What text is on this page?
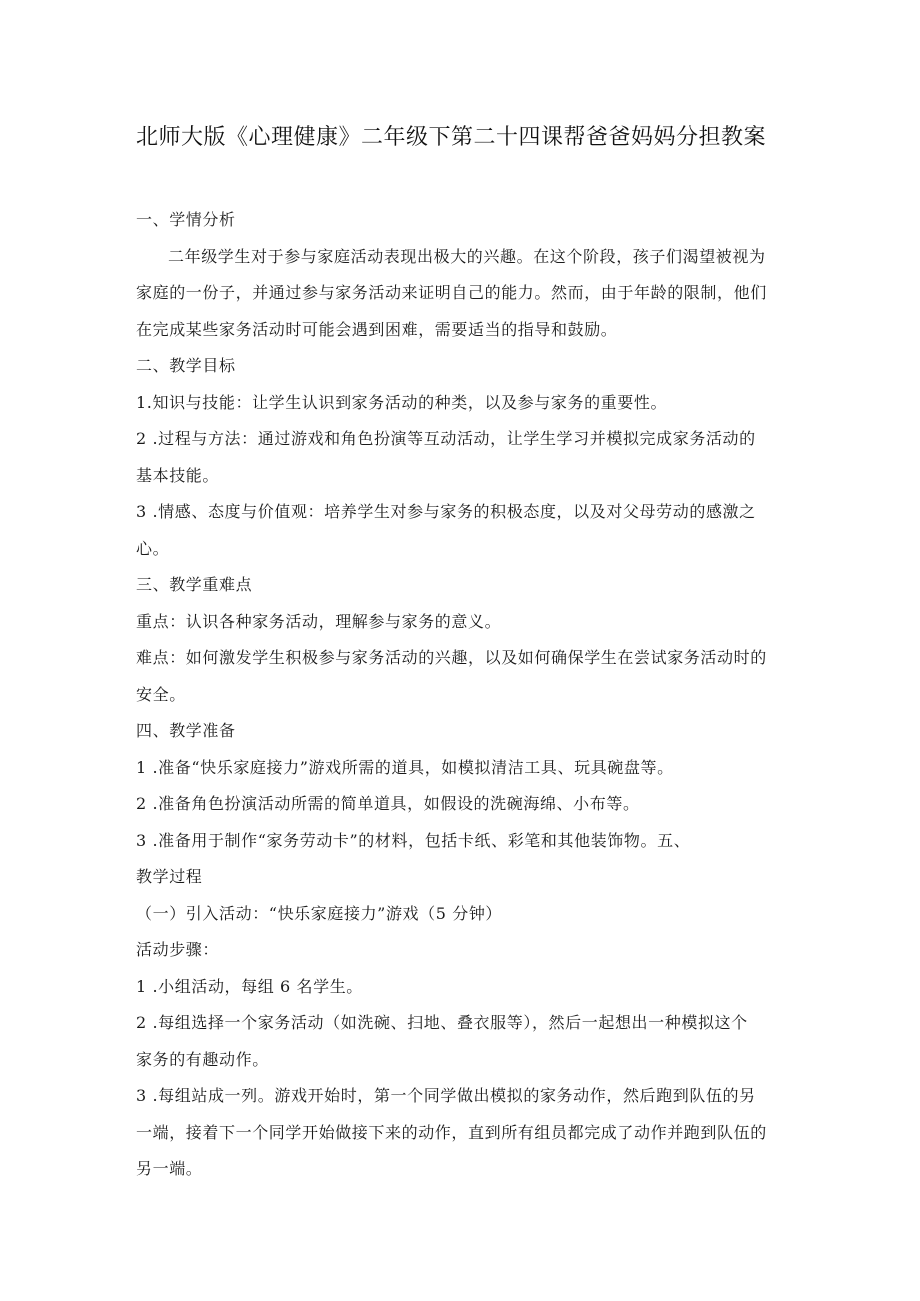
北师大版《心理健康》二年级下第二十四课帮爸爸妈妈分担教案
一、学情分析
二年级学生对于参与家庭活动表现出极大的兴趣。在这个阶段，孩子们渴望被视为
家庭的一份子，并通过参与家务活动来证明自己的能力。然而，由于年龄的限制，他们
在完成某些家务活动时可能会遇到困难，需要适当的指导和鼓励。
二、教学目标
1.知识与技能：让学生认识到家务活动的种类，以及参与家务的重要性。
2 .过程与方法：通过游戏和角色扮演等互动活动，让学生学习并模拟完成家务活动的
基本技能。
3 .情感、态度与价值观：培养学生对参与家务的积极态度，以及对父母劳动的感激之
心。
三、教学重难点
重点：认识各种家务活动，理解参与家务的意义。
难点：如何激发学生积极参与家务活动的兴趣，以及如何确保学生在尝试家务活动时的
安全。
四、教学准备
1 .准备“快乐家庭接力”游戏所需的道具，如模拟清洁工具、玩具碗盘等。
2 .准备角色扮演活动所需的简单道具，如假设的洗碗海绵、小布等。
3 .准备用于制作“家务劳动卡”的材料，包括卡纸、彩笔和其他装饰物。五、
教学过程
（一）引入活动：“快乐家庭接力”游戏（5 分钟）
活动步骤：
1 .小组活动，每组 6 名学生。
2 .每组选择一个家务活动（如洗碗、扫地、叠衣服等），然后一起想出一种模拟这个
家务的有趣动作。
3 .每组站成一列。游戏开始时，第一个同学做出模拟的家务动作，然后跑到队伍的另
一端，接着下一个同学开始做接下来的动作，直到所有组员都完成了动作并跑到队伍的
另一端。
